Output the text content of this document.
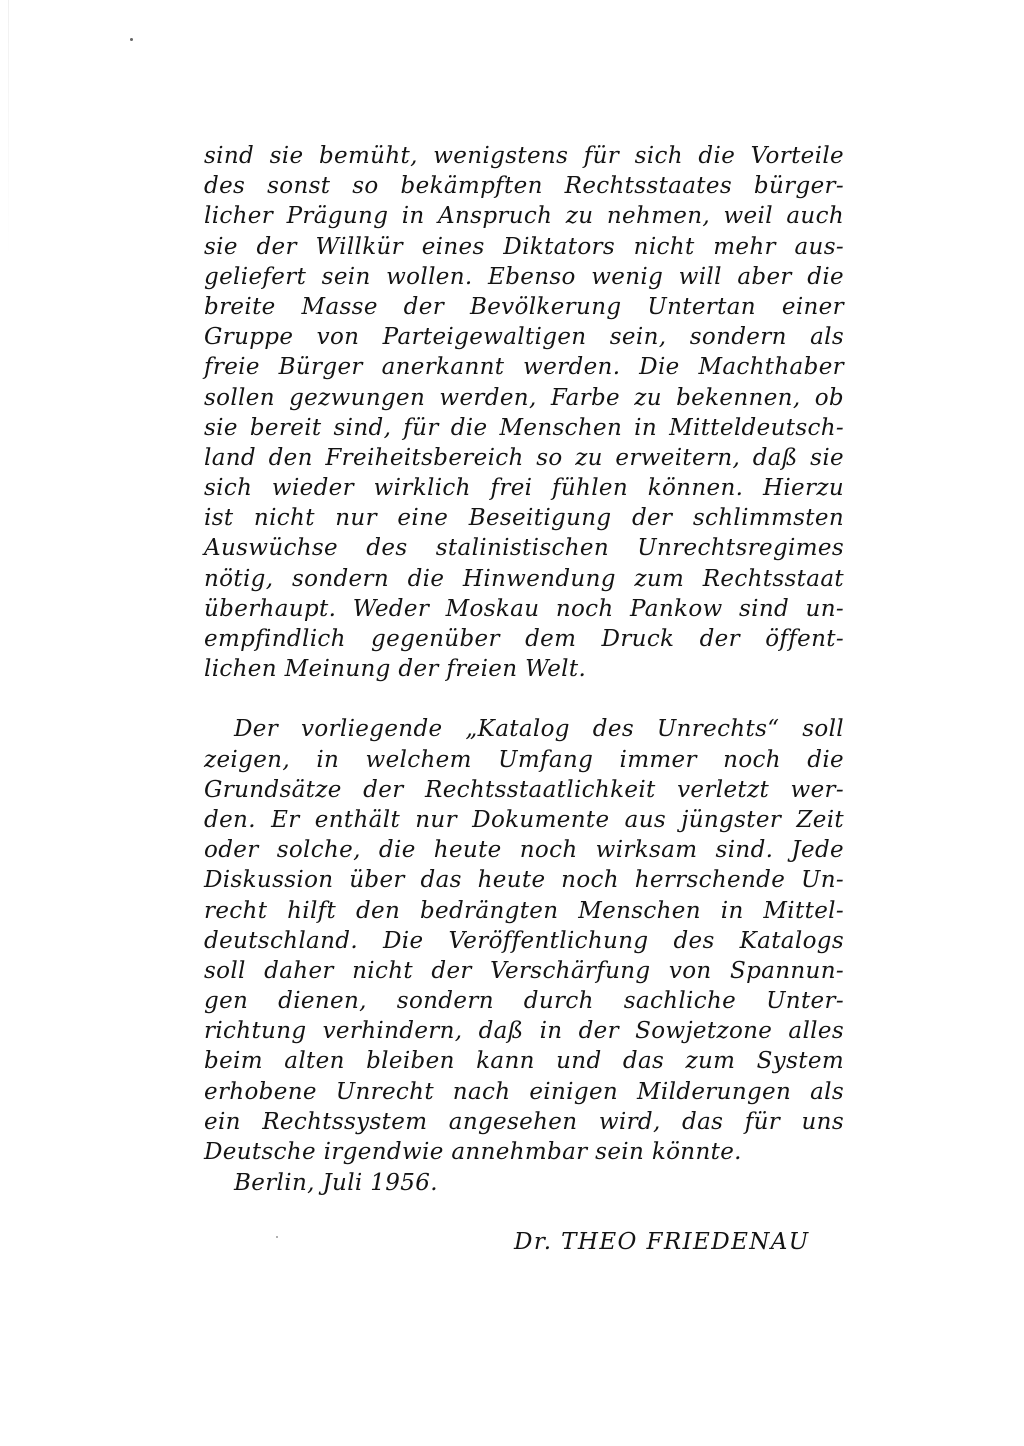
sind sie bemüht, wenigstens für sich die Vorteile
des sonst so bekämpften Rechtsstaates bürger-
licher Prägung in Anspruch zu nehmen, weil auch
sie der Willkür eines Diktators nicht mehr aus-
geliefert sein wollen. Ebenso wenig will aber die
breite Masse der Bevölkerung Untertan einer
Gruppe von Parteigewaltigen sein, sondern als
freie Bürger anerkannt werden. Die Machthaber
sollen gezwungen werden, Farbe zu bekennen, ob
sie bereit sind, für die Menschen in Mitteldeutsch-
land den Freiheitsbereich so zu erweitern, daß sie
sich wieder wirklich frei fühlen können. Hierzu
ist nicht nur eine Beseitigung der schlimmsten
Auswüchse des stalinistischen Unrechtsregimes
nötig, sondern die Hinwendung zum Rechtsstaat
überhaupt. Weder Moskau noch Pankow sind un-
empfindlich gegenüber dem Druck der öffent-
lichen Meinung der freien Welt.
Der vorliegende „Katalog des Unrechts“ soll
zeigen, in welchem Umfang immer noch die
Grundsätze der Rechtsstaatlichkeit verletzt wer-
den. Er enthält nur Dokumente aus jüngster Zeit
oder solche, die heute noch wirksam sind. Jede
Diskussion über das heute noch herrschende Un-
recht hilft den bedrängten Menschen in Mittel-
deutschland. Die Veröffentlichung des Katalogs
soll daher nicht der Verschärfung von Spannun-
gen dienen, sondern durch sachliche Unter-
richtung verhindern, daß in der Sowjetzone alles
beim alten bleiben kann und das zum System
erhobene Unrecht nach einigen Milderungen als
ein Rechtssystem angesehen wird, das für uns
Deutsche irgendwie annehmbar sein könnte.
Berlin, Juli 1956.
Dr. THEO FRIEDENAU
